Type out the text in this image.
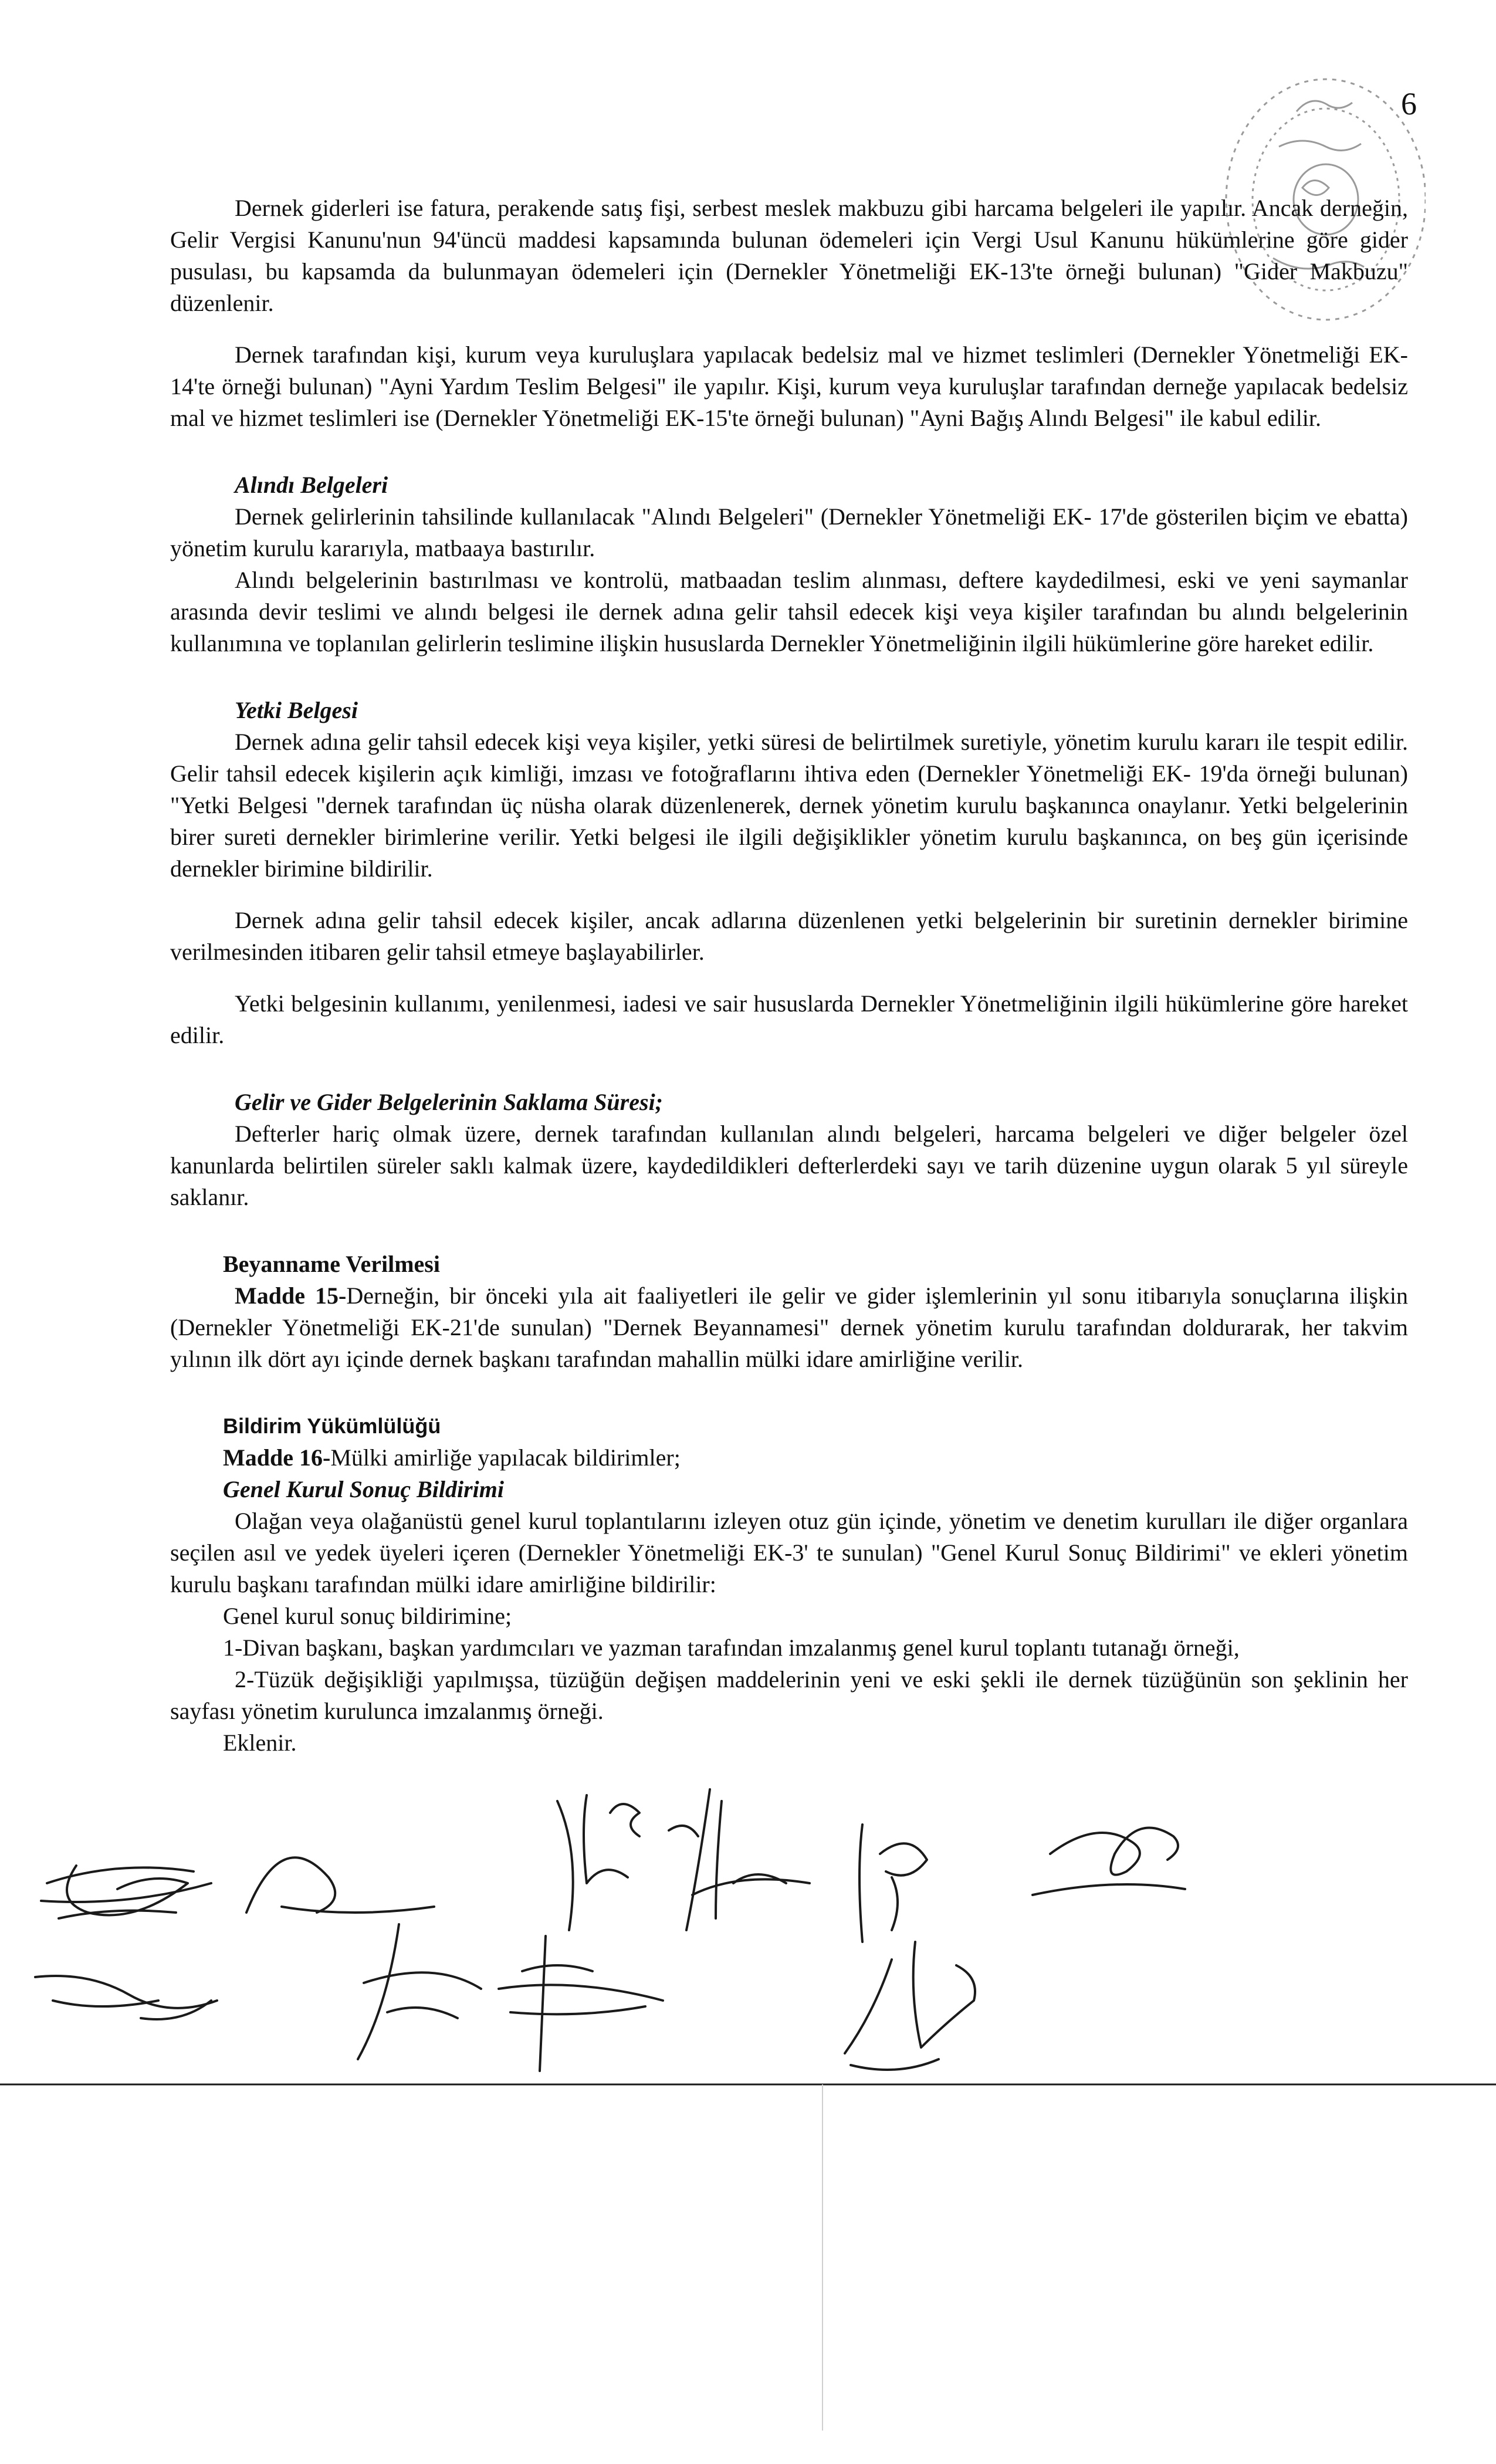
6

Dernek giderleri ise fatura, perakende satış fişi, serbest meslek makbuzu gibi harcama belgeleri ile yapılır. Ancak derneğin, Gelir Vergisi Kanunu'nun 94'üncü maddesi kapsamında bulunan ödemeleri için Vergi Usul Kanunu hükümlerine göre gider pusulası, bu kapsamda da bulunmayan ödemeleri için (Dernekler Yönetmeliği EK-13'te örneği bulunan) "Gider Makbuzu" düzenlenir.

Dernek tarafından kişi, kurum veya kuruluşlara yapılacak bedelsiz mal ve hizmet teslimleri (Dernekler Yönetmeliği EK-14'te örneği bulunan) "Ayni Yardım Teslim Belgesi" ile yapılır. Kişi, kurum veya kuruluşlar tarafından derneğe yapılacak bedelsiz mal ve hizmet teslimleri ise (Dernekler Yönetmeliği EK-15'te örneği bulunan) "Ayni Bağış Alındı Belgesi" ile kabul edilir.

Alındı Belgeleri

Dernek gelirlerinin tahsilinde kullanılacak "Alındı Belgeleri" (Dernekler Yönetmeliği EK- 17'de gösterilen biçim ve ebatta) yönetim kurulu kararıyla, matbaaya bastırılır.

Alındı belgelerinin bastırılması ve kontrolü, matbaadan teslim alınması, deftere kaydedilmesi, eski ve yeni saymanlar arasında devir teslimi ve alındı belgesi ile dernek adına gelir tahsil edecek kişi veya kişiler tarafından bu alındı belgelerinin kullanımına ve toplanılan gelirlerin teslimine ilişkin hususlarda Dernekler Yönetmeliğinin ilgili hükümlerine göre hareket edilir.

Yetki Belgesi

Dernek adına gelir tahsil edecek kişi veya kişiler, yetki süresi de belirtilmek suretiyle, yönetim kurulu kararı ile tespit edilir. Gelir tahsil edecek kişilerin açık kimliği, imzası ve fotoğraflarını ihtiva eden (Dernekler Yönetmeliği EK- 19'da örneği bulunan) "Yetki Belgesi "dernek tarafından üç nüsha olarak düzenlenerek, dernek yönetim kurulu başkanınca onaylanır. Yetki belgelerinin birer sureti dernekler birimlerine verilir. Yetki belgesi ile ilgili değişiklikler yönetim kurulu başkanınca, on beş gün içerisinde dernekler birimine bildirilir.

Dernek adına gelir tahsil edecek kişiler, ancak adlarına düzenlenen yetki belgelerinin bir suretinin dernekler birimine verilmesinden itibaren gelir tahsil etmeye başlayabilirler.

Yetki belgesinin kullanımı, yenilenmesi, iadesi ve sair hususlarda Dernekler Yönetmeliğinin ilgili hükümlerine göre hareket edilir.

Gelir ve Gider Belgelerinin Saklama Süresi;

Defterler hariç olmak üzere, dernek tarafından kullanılan alındı belgeleri, harcama belgeleri ve diğer belgeler özel kanunlarda belirtilen süreler saklı kalmak üzere, kaydedildikleri defterlerdeki sayı ve tarih düzenine uygun olarak 5 yıl süreyle saklanır.

Beyanname Verilmesi

Madde 15-Derneğin, bir önceki yıla ait faaliyetleri ile gelir ve gider işlemlerinin yıl sonu itibarıyla sonuçlarına ilişkin (Dernekler Yönetmeliği EK-21'de sunulan) "Dernek Beyannamesi" dernek yönetim kurulu tarafından doldurarak, her takvim yılının ilk dört ayı içinde dernek başkanı tarafından mahallin mülki idare amirliğine verilir.

Bildirim Yükümlülüğü

Madde 16-Mülki amirliğe yapılacak bildirimler;

Genel Kurul Sonuç Bildirimi

Olağan veya olağanüstü genel kurul toplantılarını izleyen otuz gün içinde, yönetim ve denetim kurulları ile diğer organlara seçilen asıl ve yedek üyeleri içeren (Dernekler Yönetmeliği EK-3' te sunulan) "Genel Kurul Sonuç Bildirimi" ve ekleri yönetim kurulu başkanı tarafından mülki idare amirliğine bildirilir:

Genel kurul sonuç bildirimine;

1-Divan başkanı, başkan yardımcıları ve yazman tarafından imzalanmış genel kurul toplantı tutanağı örneği,

2-Tüzük değişikliği yapılmışsa, tüzüğün değişen maddelerinin yeni ve eski şekli ile dernek tüzüğünün son şeklinin her sayfası yönetim kurulunca imzalanmış örneği.

Eklenir.
